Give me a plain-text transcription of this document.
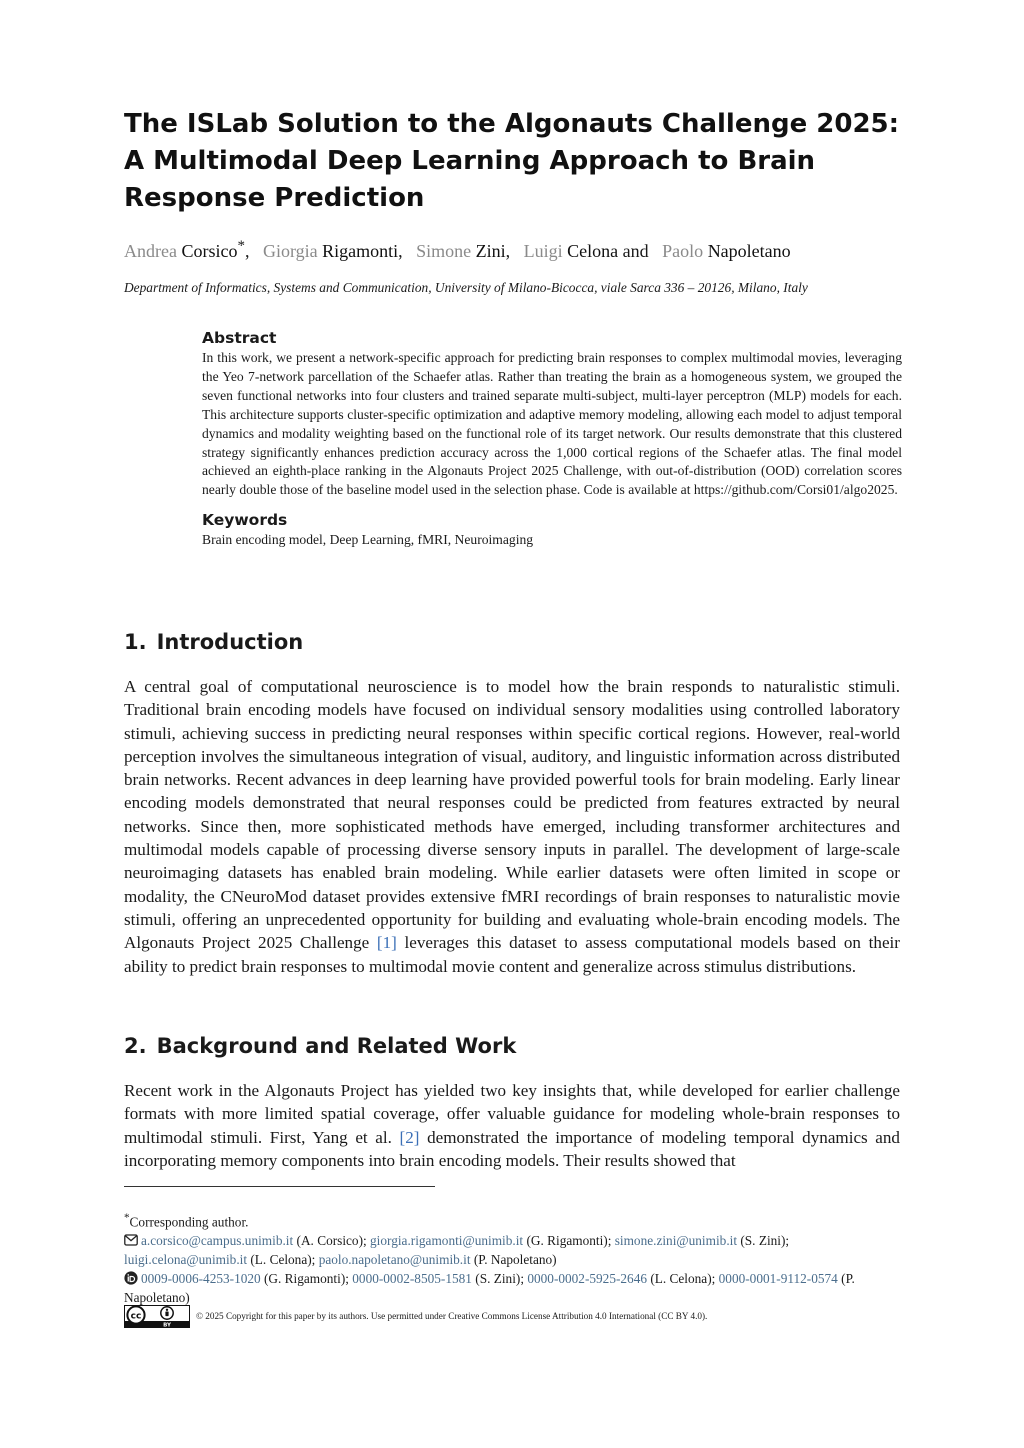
The ISLab Solution to the Algonauts Challenge 2025: A Multimodal Deep Learning Approach to Brain Response Prediction
Andrea Corsico*,   Giorgia Rigamonti,   Simone Zini,   Luigi Celona and   Paolo Napoletano
Department of Informatics, Systems and Communication, University of Milano-Bicocca, viale Sarca 336 – 20126, Milano, Italy
Abstract

In this work, we present a network-specific approach for predicting brain responses to complex multimodal movies, leveraging the Yeo 7-network parcellation of the Schaefer atlas. Rather than treating the brain as a homogeneous system, we grouped the seven functional networks into four clusters and trained separate multi-subject, multi-layer perceptron (MLP) models for each. This architecture supports cluster-specific optimization and adaptive memory modeling, allowing each model to adjust temporal dynamics and modality weighting based on the functional role of its target network. Our results demonstrate that this clustered strategy significantly enhances prediction accuracy across the 1,000 cortical regions of the Schaefer atlas. The final model achieved an eighth-place ranking in the Algonauts Project 2025 Challenge, with out-of-distribution (OOD) correlation scores nearly double those of the baseline model used in the selection phase. Code is available at https://github.com/Corsi01/algo2025.

Keywords

Brain encoding model, Deep Learning, fMRI, Neuroimaging

1. Introduction

A central goal of computational neuroscience is to model how the brain responds to naturalistic stimuli. Traditional brain encoding models have focused on individual sensory modalities using controlled laboratory stimuli, achieving success in predicting neural responses within specific cortical regions. However, real-world perception involves the simultaneous integration of visual, auditory, and linguistic information across distributed brain networks. Recent advances in deep learning have provided powerful tools for brain modeling. Early linear encoding models demonstrated that neural responses could be predicted from features extracted by neural networks. Since then, more sophisticated methods have emerged, including transformer architectures and multimodal models capable of processing diverse sensory inputs in parallel. The development of large-scale neuroimaging datasets has enabled brain modeling. While earlier datasets were often limited in scope or modality, the CNeuroMod dataset provides extensive fMRI recordings of brain responses to naturalistic movie stimuli, offering an unprecedented opportunity for building and evaluating whole-brain encoding models. The Algonauts Project 2025 Challenge [1] leverages this dataset to assess computational models based on their ability to predict brain responses to multimodal movie content and generalize across stimulus distributions.

2. Background and Related Work

Recent work in the Algonauts Project has yielded two key insights that, while developed for earlier challenge formats with more limited spatial coverage, offer valuable guidance for modeling whole-brain responses to multimodal stimuli. First, Yang et al. [2] demonstrated the importance of modeling temporal dynamics and incorporating memory components into brain encoding models. Their results showed that

*Corresponding author.

a.corsico@campus.unimib.it (A. Corsico); giorgia.rigamonti@unimib.it (G. Rigamonti); simone.zini@unimib.it (S. Zini); luigi.celona@unimib.it (L. Celona); paolo.napoletano@unimib.it (P. Napoletano)

0009-0006-4253-1020 (G. Rigamonti); 0000-0002-8505-1581 (S. Zini); 0000-0002-5925-2646 (L. Celona); 0000-0001-9112-0574 (P. Napoletano)

cc
BY
© 2025 Copyright for this paper by its authors. Use permitted under Creative Commons License Attribution 4.0 International (CC BY 4.0).
